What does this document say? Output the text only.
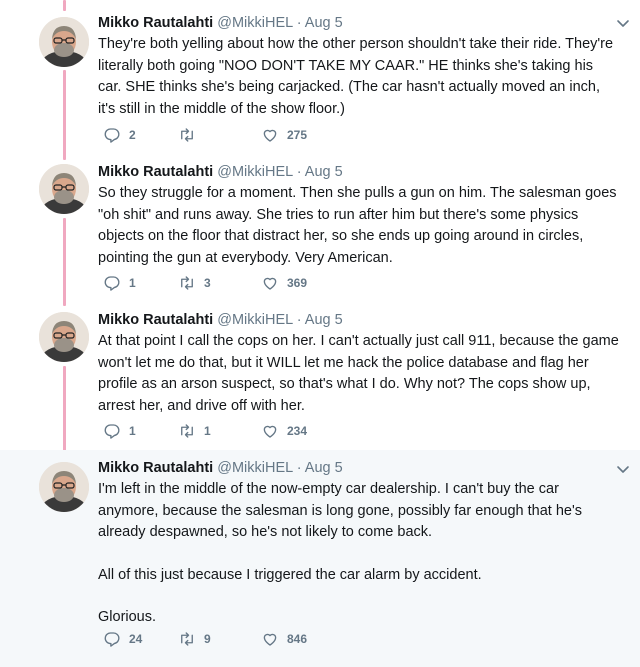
Mikko Rautalahti @MikkiHEL · Aug 5

They're both yelling about how the other person shouldn't take their ride. They're literally both going "NOO DON'T TAKE MY CAAR." HE thinks she's taking his car. SHE thinks she's being carjacked. (The car hasn't actually moved an inch, it's still in the middle of the show floor.)

2	275
Mikko Rautalahti @MikkiHEL · Aug 5

So they struggle for a moment. Then she pulls a gun on him. The salesman goes "oh shit" and runs away. She tries to run after him but there's some physics objects on the floor that distract her, so she ends up going around in circles, pointing the gun at everybody. Very American.

1	3	369
Mikko Rautalahti @MikkiHEL · Aug 5

At that point I call the cops on her. I can't actually just call 911, because the game won't let me do that, but it WILL let me hack the police database and flag her profile as an arson suspect, so that's what I do. Why not? The cops show up, arrest her, and drive off with her.

1	1	234
Mikko Rautalahti @MikkiHEL · Aug 5

I'm left in the middle of the now-empty car dealership. I can't buy the car anymore, because the salesman is long gone, possibly far enough that he's already despawned, so he's not likely to come back.

All of this just because I triggered the car alarm by accident.

Glorious.

24	9	846
